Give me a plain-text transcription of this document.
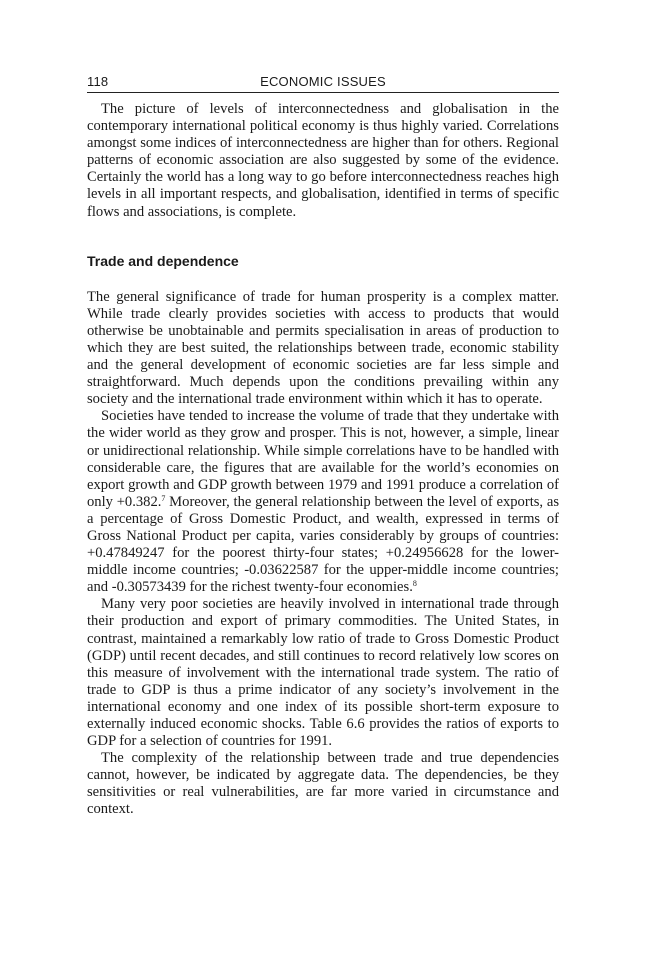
118	ECONOMIC ISSUES

The picture of levels of interconnectedness and globalisation in the contemporary international political economy is thus highly varied. Correlations amongst some indices of interconnectedness are higher than for others. Regional patterns of economic association are also suggested by some of the evidence. Certainly the world has a long way to go before interconnectedness reaches high levels in all important respects, and globalisation, identified in terms of specific flows and associations, is complete.

Trade and dependence

The general significance of trade for human prosperity is a complex matter. While trade clearly provides societies with access to products that would otherwise be unobtainable and permits specialisation in areas of production to which they are best suited, the relationships between trade, economic stability and the general development of economic societies are far less simple and straightforward. Much depends upon the conditions prevailing within any society and the international trade environment within which it has to operate.

Societies have tended to increase the volume of trade that they undertake with the wider world as they grow and prosper. This is not, however, a simple, linear or unidirectional relationship. While simple correlations have to be handled with considerable care, the figures that are available for the world’s economies on export growth and GDP growth between 1979 and 1991 produce a correlation of only +0.382.$^7$ Moreover, the general relationship between the level of exports, as a percentage of Gross Domestic Product, and wealth, expressed in terms of Gross National Product per capita, varies considerably by groups of countries: +0.47849247 for the poorest thirty-four states; +0.24956628 for the lower-middle income countries; -0.03622587 for the upper-middle income countries; and -0.30573439 for the richest twenty-four economies.$^8$

Many very poor societies are heavily involved in international trade through their production and export of primary commodities. The United States, in contrast, maintained a remarkably low ratio of trade to Gross Domestic Product (GDP) until recent decades, and still continues to record relatively low scores on this measure of involvement with the international trade system. The ratio of trade to GDP is thus a prime indicator of any society’s involvement in the international economy and one index of its possible short-term exposure to externally induced economic shocks. Table 6.6 provides the ratios of exports to GDP for a selection of countries for 1991.

The complexity of the relationship between trade and true dependencies cannot, however, be indicated by aggregate data. The dependencies, be they sensitivities or real vulnerabilities, are far more varied in circumstance and context.
